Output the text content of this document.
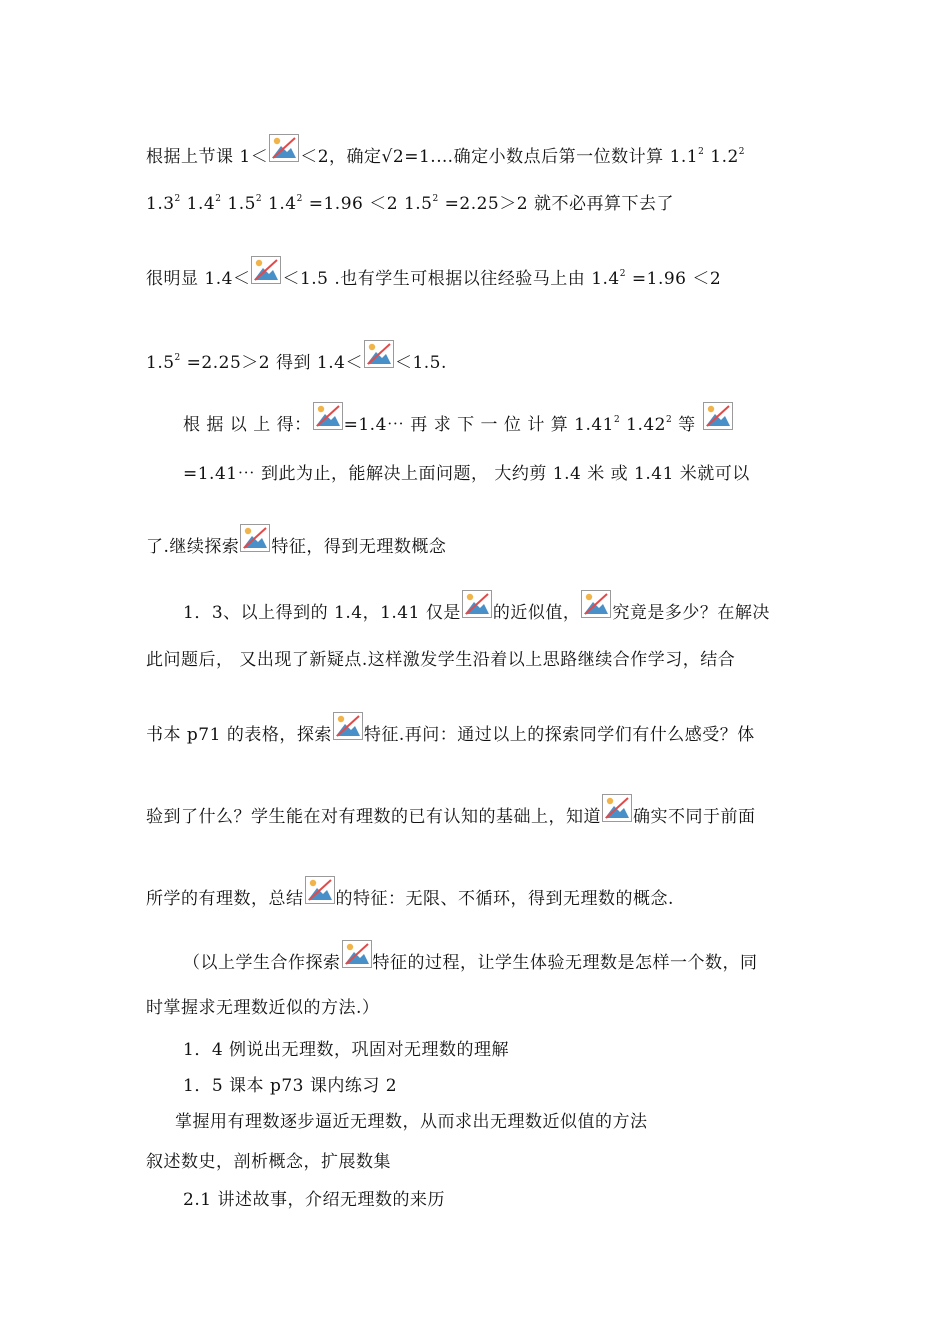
根据上节课 1＜ ＜2，确定√2=1.…确定小数点后第一位数计算 $1.1^2$ $1.2^2$
$1.3^2$ $1.4^2$ $1.5^2$ $1.4^2 =1.96 <2$ $1.5^2 =2.25>2$ 就不必再算下去了
很明显 1.4＜ ＜1.5 .也有学生可根据以往经验马上由 $1.4^2 =1.96 <2$
$1.5^2 =2.25>2$ 得到 1.4＜ ＜1.5.
根 据 以 上 得： =1.4⋯ 再 求 下 一 位 计 算 1.41$^2$ 1.42$^2$ 等
=1.41⋯ 到此为止，能解决上面问题， 大约剪 1.4 米 或 1.41 米就可以
了.继续探索 特征，得到无理数概念
1．3、以上得到的 1.4，1.41 仅是 的近似值， 究竟是多少？在解决
此问题后， 又出现了新疑点.这样激发学生沿着以上思路继续合作学习，结合
书本 p71 的表格，探索 特征.再问：通过以上的探索同学们有什么感受？体
验到了什么？学生能在对有理数的已有认知的基础上，知道 确实不同于前面
所学的有理数，总结 的特征：无限、不循环，得到无理数的概念.
（以上学生合作探索 特征的过程，让学生体验无理数是怎样一个数，同
时掌握求无理数近似的方法.）
1．4 例说出无理数，巩固对无理数的理解
1．5 课本 p73 课内练习 2
掌握用有理数逐步逼近无理数，从而求出无理数近似值的方法
叙述数史，剖析概念，扩展数集
2.1 讲述故事，介绍无理数的来历
